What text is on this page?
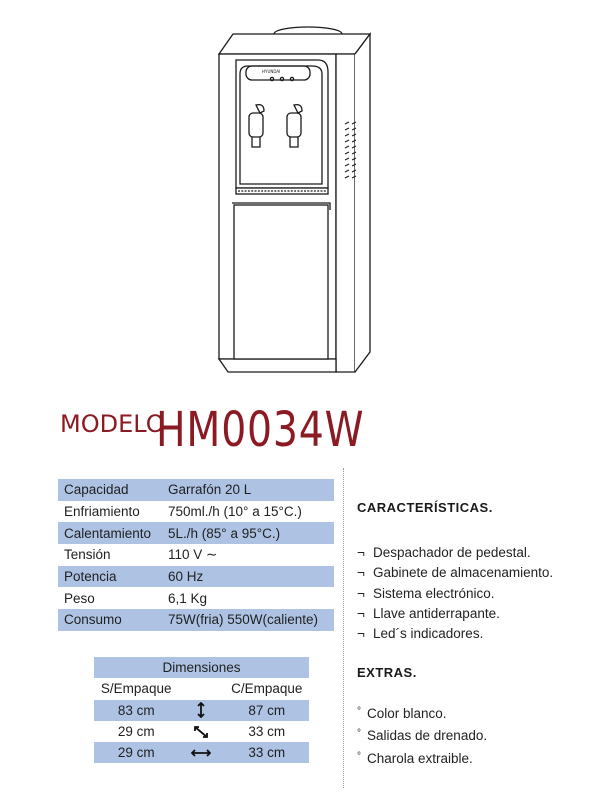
HYUNDAI
MODELO
HM0034W
Capacidad	Garrafón 20 L
Enfriamiento	750ml./h (10° a 15°C.)
Calentamiento	5L./h (85° a 95°C.)
Tensión	110 V ∼
Potencia	60 Hz
Peso	6,1 Kg
Consumo	75W(fria) 550W(caliente)
Dimensiones		
S/Empaque		C/Empaque
83 cm		87 cm
29 cm		33 cm
29 cm		33 cm
CARACTERÍSTICAS.
¬ Despachador de pedestal.
¬ Gabinete de almacenamiento.
¬ Sistema electrónico.
¬ Llave antiderrapante.
¬ Led´s indicadores.
EXTRAS.
° Color blanco.
° Salidas de drenado.
° Charola extraible.
